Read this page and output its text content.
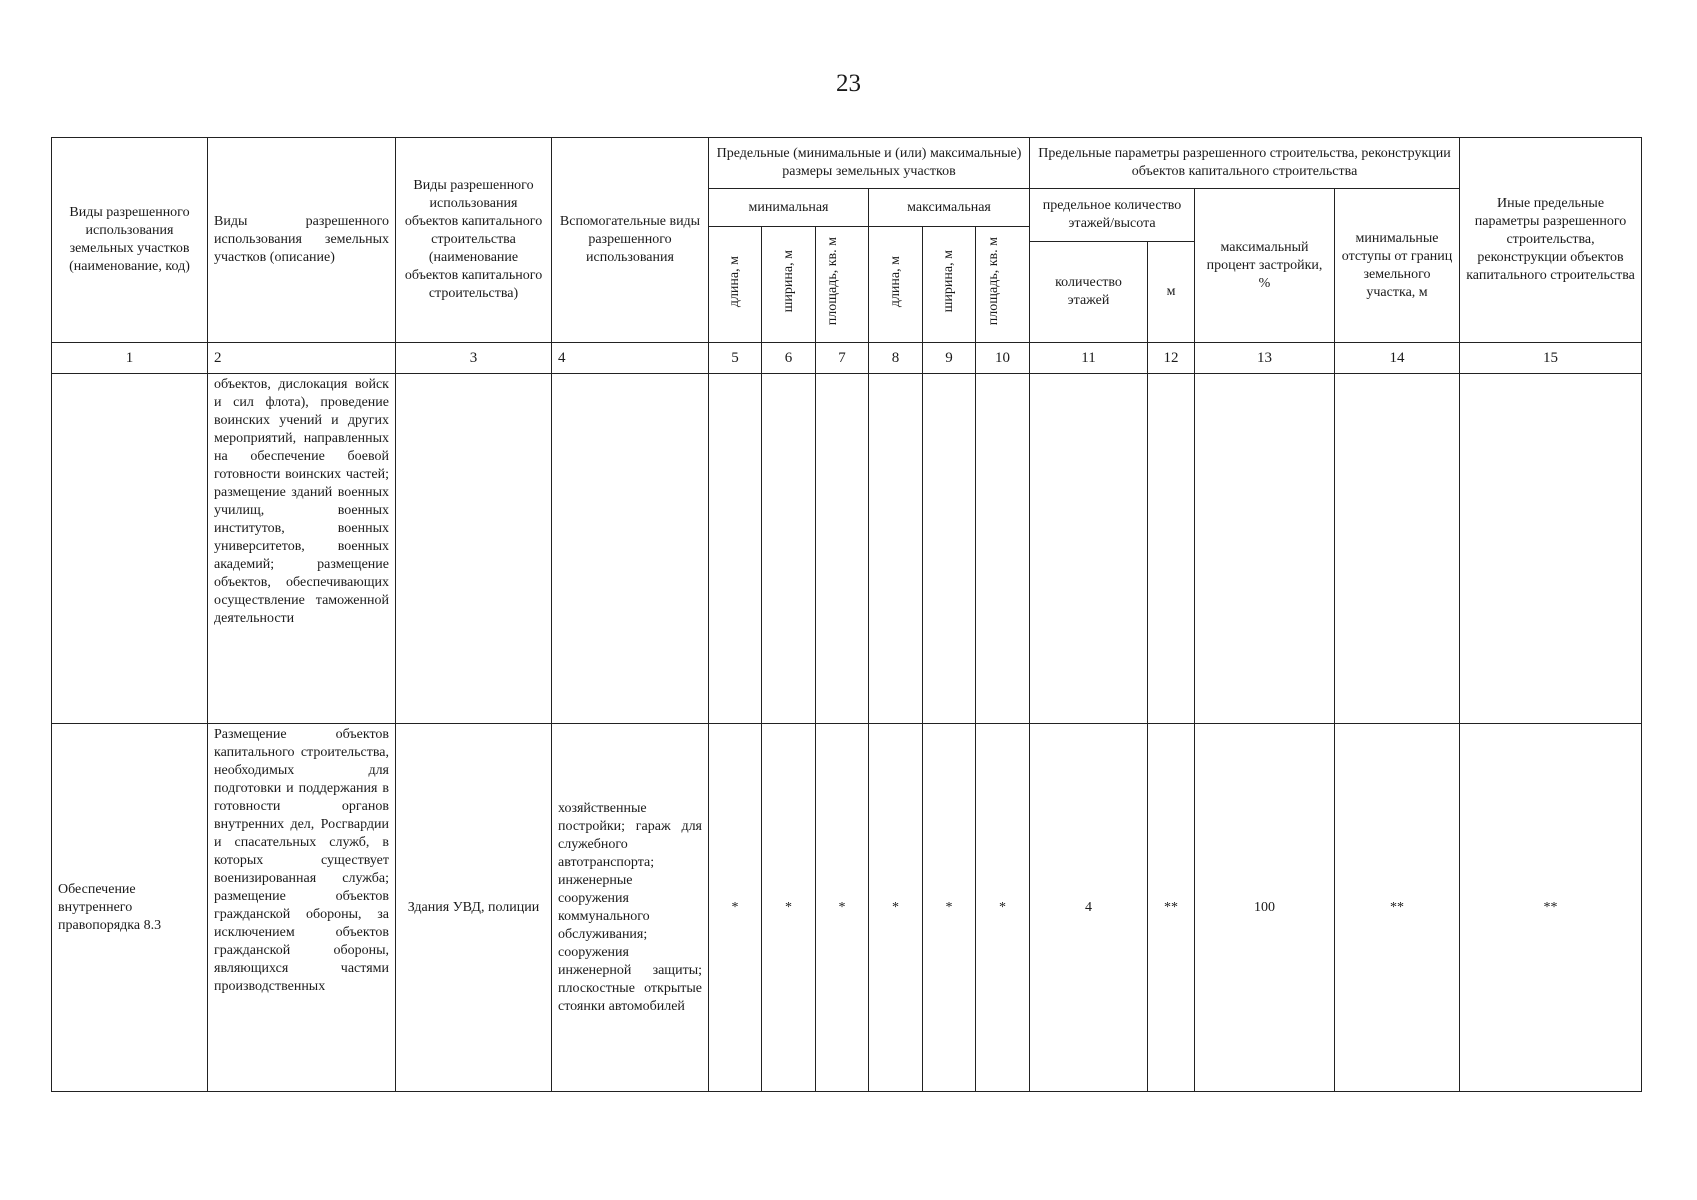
23
Виды разрешенного использования земельных участков (наименование, код)	Виды разрешенного использования земельных участков (описание)	Виды разрешенного использования объектов капитального строительства (наименование объектов капитального строительства)	Вспомогательные виды разрешенного использования	Предельные (минимальные и (или) максимальные) размеры земельных участков						Предельные параметры разрешенного строительства, реконструкции объектов капитального строительства				Иные предельные параметры разрешенного строительства, реконструкции объектов капитального строительства
				минимальная			максимальная			предельное количество этажей/высота		максимальный процент застройки, %	минимальные отступы от границ земельного участка, м	
				длина, м	ширина, м	площадь, кв. м	длина, м	ширина, м	площадь, кв. м					
										количество этажей	м			
1	2	3	4	5	6	7	8	9	10	11	12	13	14	15
	объектов, дислокация войск и сил флота), проведение воинских учений и других мероприятий, направленных на обеспечение боевой готовности воинских частей; размещение зданий военных училищ, военных институтов, военных университетов, военных академий; размещение объектов, обеспечивающих осуществление таможенной деятельности													
Обеспечение внутреннего правопорядка 8.3	Размещение объектов капитального строительства, необходимых для подготовки и поддержания в готовности органов внутренних дел, Росгвардии и спасательных служб, в которых существует военизированная служба; размещение объектов гражданской обороны, за исключением объектов гражданской обороны, являющихся частями производственных	Здания УВД, полиции	хозяйственные постройки; гараж для служебного автотранспорта; инженерные сооружения коммунального обслуживания; сооружения инженерной защиты; плоскостные открытые стоянки автомобилей	*	*	*	*	*	*	4	**	100	**	**
